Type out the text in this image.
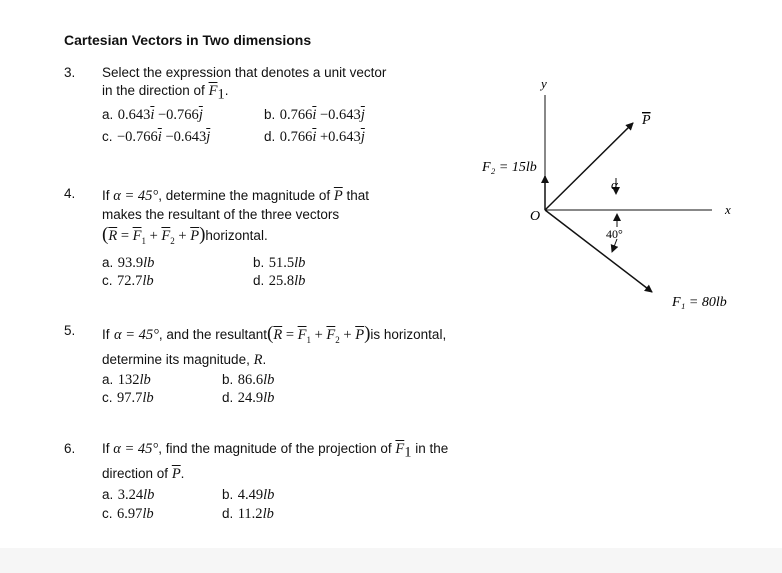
Cartesian Vectors in Two dimensions
3. Select the expression that denotes a unit vector
in the direction of $\overline{F}_1$.
a. $0.643\overline{i} -0.766\overline{j}$	b. $0.766\overline{i} -0.643\overline{j}$
c. $-0.766\overline{i} -0.643\overline{j}$	d. $0.766\overline{i} +0.643\overline{j}$
4. If α = 45°, determine the magnitude of $\overline{P}$ that
makes the resultant of the three vectors
($\overline{R} = \overline{F}_1 + \overline{F}_2$ + $\overline{P})horizontal$.
a. 93.9lb	b. 51.5lb
c. 72.7lb	d. 25.8lb
5. If α = 45°, and the $resultant(\overline{R} = \overline{F}_1 + \overline{F}_2 + \overline{P})is$ horizontal,
determine its magnitude, R.
a. 132lb	b. 86.6lb
c. 97.7lb	d. 24.9lb
6. If α = 45°, find the magnitude of the projection of $\overline{F}_1$ in the
direction of $\overline{P}$.
a. 3.24lb	b. 4.49lb
c. 6.97lb	d. 11.2lb
y
x
O
F₂ = 15lb
P
F₁ = 80lb
α
40°
